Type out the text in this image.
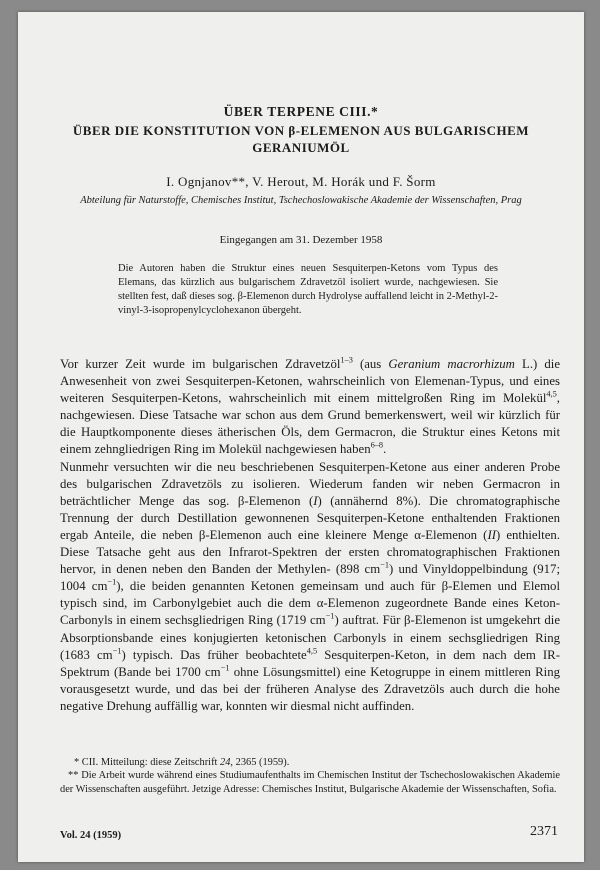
ÜBER TERPENE CIII.*
ÜBER DIE KONSTITUTION VON β-ELEMENON AUS BULGARISCHEM GERANIUMÖL
I. Ognjanov**, V. Herout, M. Horák und F. Šorm
Abteilung für Naturstoffe, Chemisches Institut, Tschechoslowakische Akademie der Wissenschaften, Prag
Eingegangen am 31. Dezember 1958
Die Autoren haben die Struktur eines neuen Sesquiterpen-Ketons vom Typus des Elemans, das kürzlich aus bulgarischem Zdravetzöl isoliert wurde, nachgewiesen. Sie stellten fest, daß dieses sog. β-Elemenon durch Hydrolyse auffallend leicht in 2-Methyl-2-vinyl-3-isopropenylcyclohexanon übergeht.

Vor kurzer Zeit wurde im bulgarischen Zdravetzöl$^{1-3}$ (aus Geranium macrorhizum L.) die Anwesenheit von zwei Sesquiterpen-Ketonen, wahrscheinlich von Elemenan-Typus, und eines weiteren Sesquiterpen-Ketons, wahrscheinlich mit einem mittelgroßen Ring im Molekül$^{4,5}$, nachgewiesen. Diese Tatsache war schon aus dem Grund bemerkenswert, weil wir kürzlich für die Hauptkomponente dieses ätherischen Öls, dem Germacron, die Struktur eines Ketons mit einem zehngliedrigen Ring im Molekül nachgewiesen haben$^{6-8}$.

Nunmehr versuchten wir die neu beschriebenen Sesquiterpen-Ketone aus einer anderen Probe des bulgarischen Zdravetzöls zu isolieren. Wiederum fanden wir neben Germacron in beträchtlicher Menge das sog. β-Elemenon (I) (annähernd 8%). Die chromatographische Trennung der durch Destillation gewonnenen Sesquiterpen-Ketone enthaltenden Fraktionen ergab Anteile, die neben β-Elemenon auch eine kleinere Menge α-Elemenon (II) enthielten. Diese Tatsache geht aus den Infrarot-Spektren der ersten chromatographischen Fraktionen hervor, in denen neben den Banden der Methylen- (898 $cm^{-1}$) und Vinyldoppelbindung (917; 1004 $cm^{-1}$), die beiden genannten Ketonen gemeinsam und auch für β-Elemen und Elemol typisch sind, im Carbonylgebiet auch die dem α-Elemenon zugeordnete Bande eines Keton-Carbonyls in einem sechsgliedrigen Ring (1719 $cm^{-1}$) auftrat. Für β-Elemenon ist umgekehrt die Absorptionsbande eines konjugierten ketonischen Carbonyls in einem sechsgliedrigen Ring (1683 $cm^{-1}$) typisch. Das früher beobachtete$^{4,5}$ Sesquiterpen-Keton, in dem nach dem IR-Spektrum (Bande bei 1700 $cm^{-1}$ ohne Lösungsmittel) eine Ketogruppe in einem mittleren Ring vorausgesetzt wurde, und das bei der früheren Analyse des Zdravetzöls auch durch die hohe negative Drehung auffällig war, konnten wir diesmal nicht auffinden.

* CII. Mitteilung: diese Zeitschrift 24, 2365 (1959).

** Die Arbeit wurde während eines Studiumaufenthalts im Chemischen Institut der Tschechoslowakischen Akademie der Wissenschaften ausgeführt. Jetzige Adresse: Chemisches Institut, Bulgarische Akademie der Wissenschaften, Sofia.

Vol. 24 (1959)	2371
